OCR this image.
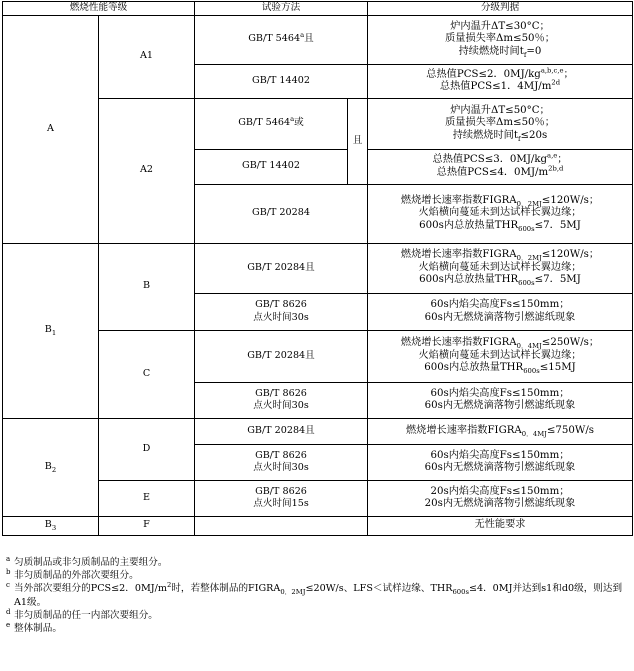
燃烧性能等级		试验方法		分级判据
A	A1	GB/T 5464$^a$且		炉内温升ΔT≤30°C；
质量损失率Δm≤50％；
持续燃烧时间$t_f=0$

		GB/T 14402		总热值PCS≤2．0MJ/kg$^{a,b,c,e}$；
总热值PCS≤1．$4MJ/m^{2d}$

	A2	GB/T 5464$^a$或	且	炉内温升ΔT≤50°C；
质量损失率Δm≤50％；
持续燃烧时间$t_f\le 20s$

		GB/T 14402		总热值PCS≤3．0MJ/kg$^{a,e}$；
总热值PCS≤4．$0MJ/m^{2b,d}$

		GB/T 20284		燃烧增长速率指数$FIGRA_{0.2MJ}\le 120W/s$；
火焰横向蔓延未到达试样长翼边缘；
600s内总放热量$THR_{600s}\le 7$．5MJ

$B_1$	B	GB/T 20284且		燃烧增长速率指数$FIGRA_{0.2MJ}\le 120W/s$；
火焰横向蔓延未到达试样长翼边缘；
600s内总放热量$THR_{600s}\le 7$．5MJ

		GB/T 8626
点火时间30s		60s内焰尖高度Fs≤150mm；
60s内无燃烧滴落物引燃滤纸现象

	C	GB/T 20284且		燃烧增长速率指数$FIGRA_{0.4MJ}\le 250W/s$；
火焰横向蔓延未到达试样长翼边缘；
600s内总放热量$THR_{600s}\le 15MJ$

		GB/T 8626
点火时间30s		60s内焰尖高度Fs≤150mm；
60s内无燃烧滴落物引燃滤纸现象

$B_2$	D	GB/T 20284且		燃烧增长速率指数$FIGRA_{0.4MJ}\le 750W/s$

		GB/T 8626
点火时间30s		60s内焰尖高度Fs≤150mm；
60s内无燃烧滴落物引燃滤纸现象

	E	GB/T 8626
点火时间15s		20s内焰尖高度Fs≤150mm；
20s内无燃烧滴落物引燃滤纸现象

$B_3$	F			无性能要求
a 匀质制品或非匀质制品的主要组分。
b 非匀质制品的外部次要组分。
c 当外部次要组分的PCS≤2．$0MJ/m^2$时，若整体制品的$FIGRA_{0.2MJ}\le 20W/s$、LFS＜试样边缘、$THR_{600s}\le 4$．0MJ并达到s1和d0级，则达到A1级。
d 非匀质制品的任一内部次要组分。
e 整体制品。
